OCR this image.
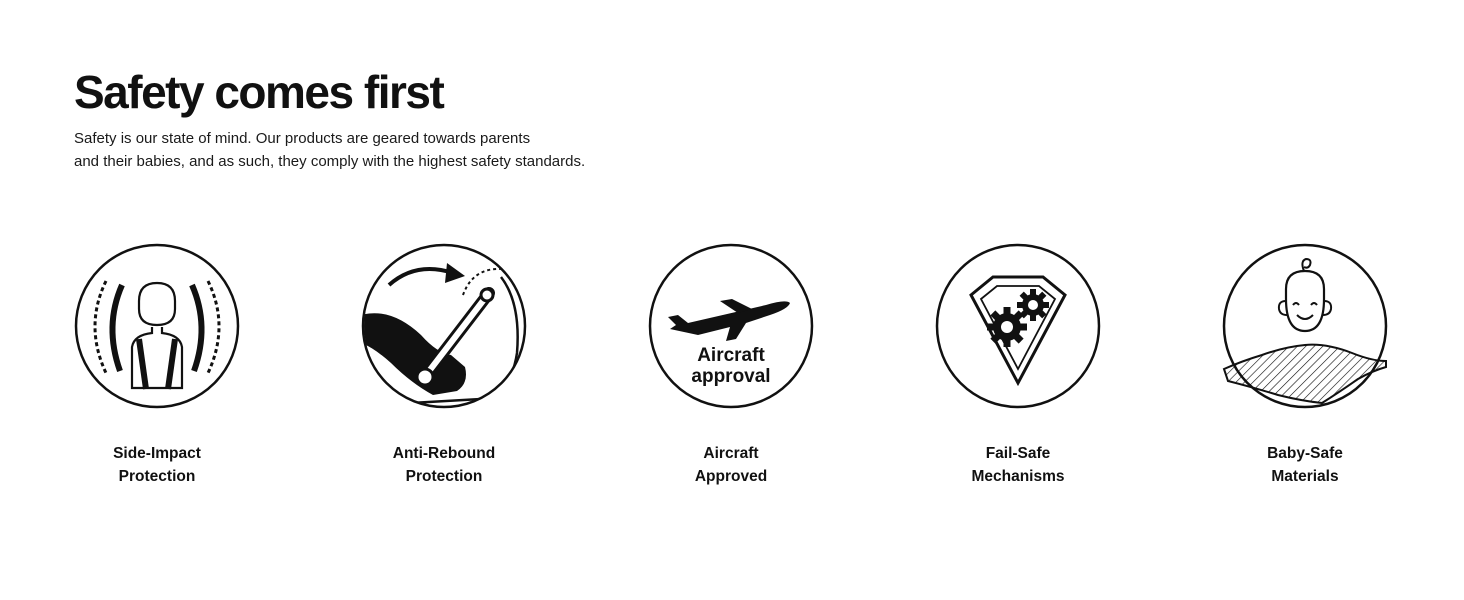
Safety comes first

Safety is our state of mind. Our products are geared towards parents
and their babies, and as such, they comply with the highest safety standards.

Side-Impact
Protection
Anti-Rebound
Protection
Aircraft
approval
Aircraft
Approved
Fail-Safe
Mechanisms
Baby-Safe
Materials
